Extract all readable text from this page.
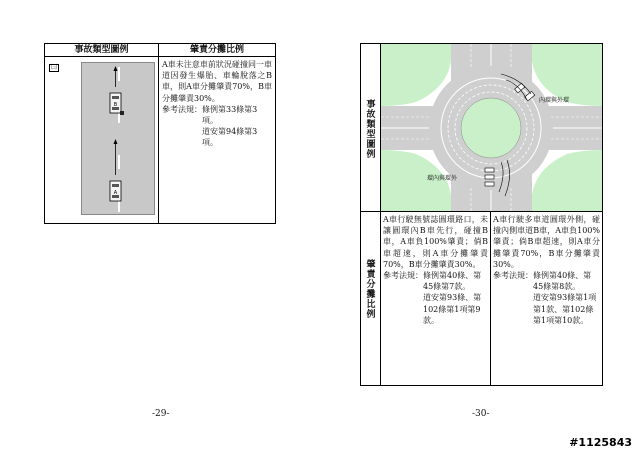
事故類型圖例	肇責分攤比例
㈢
B
A
A車未注意車前狀況碰撞同一車道因發生爆胎、車輪脫落之B車，則A車分攤肇責70%，B車分攤肇責30%。
參考法規： 條例第33條第3項。
道安第94條第3項。
-29-
事
故
類
型
圖
例
內環與外環
環內與環外
肇
責
分
攤
比
例
A車行駛無號誌圓環路口，未讓圓環內B車先行，碰撞B車，A車負100%肇責；倘B車超速，則A車分攤肇責70%，B車分攤肇責30%。
參考法規： 條例第40條、第45條第7款。
道安第93條、第102條第1項第9款。
A車行駛多車道圓環外側，碰撞內側車道B車，A車負100%肇責；倘B車超速，則A車分攤肇責70%，B車分攤肇責30%。
參考法規： 條例第40條、第45條第8款。
道安第93條第1項第1款、第102條第1項第10款。
-30-
#1125843
